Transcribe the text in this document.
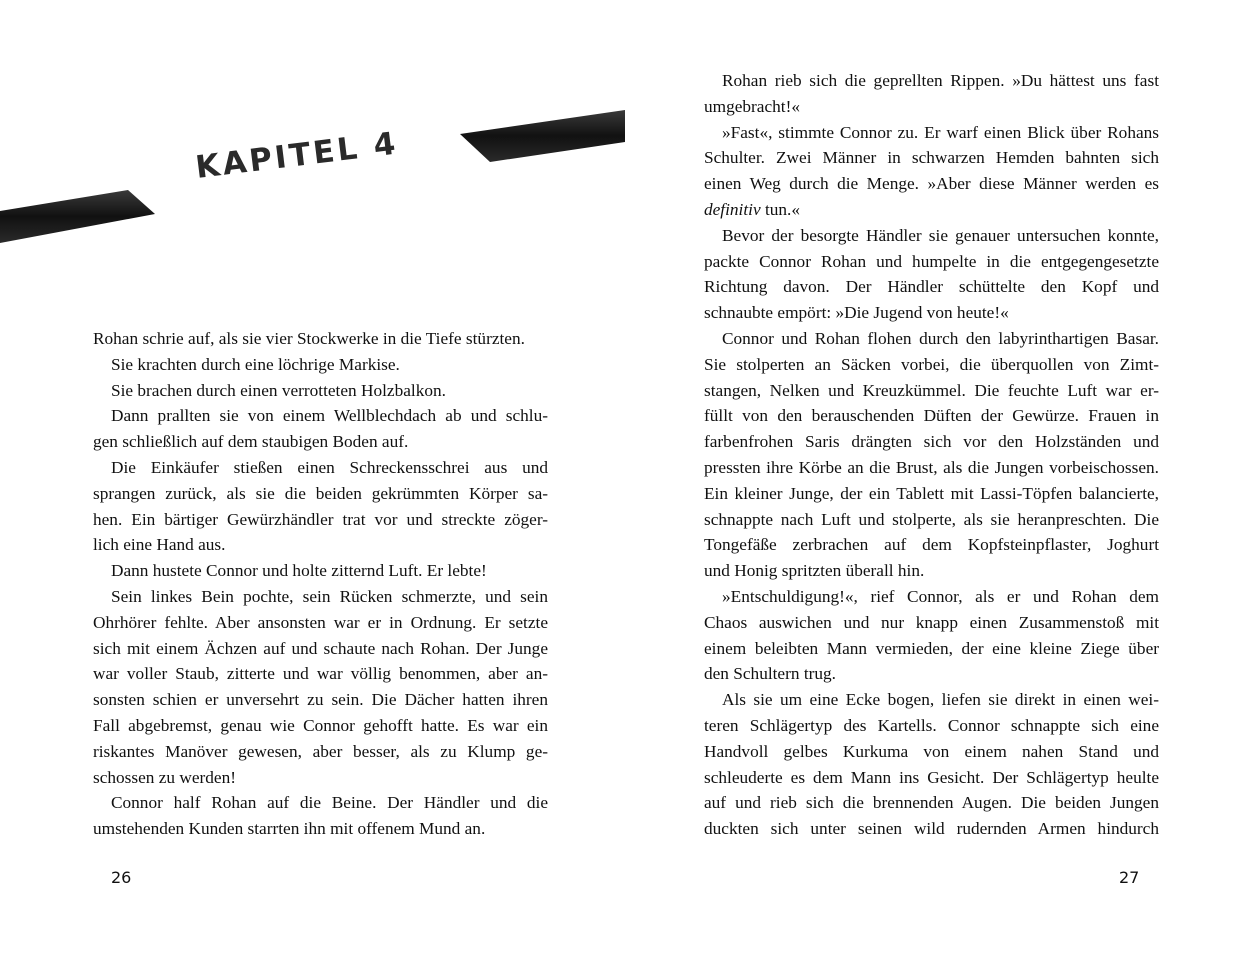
KAPITEL 4
Rohan schrie auf, als sie vier Stockwerke in die Tiefe stürzten.
Sie krachten durch eine löchrige Markise.
Sie brachen durch einen verrotteten Holzbalkon.
Dann prallten sie von einem Wellblechdach ab und schlu-
gen schließlich auf dem staubigen Boden auf.
Die Einkäufer stießen einen Schreckensschrei aus und
sprangen zurück, als sie die beiden gekrümmten Körper sa-
hen. Ein bärtiger Gewürzhändler trat vor und streckte zöger-
lich eine Hand aus.
Dann hustete Connor und holte zitternd Luft. Er lebte!
Sein linkes Bein pochte, sein Rücken schmerzte, und sein
Ohrhörer fehlte. Aber ansonsten war er in Ordnung. Er setzte
sich mit einem Ächzen auf und schaute nach Rohan. Der Junge
war voller Staub, zitterte und war völlig benommen, aber an-
sonsten schien er unversehrt zu sein. Die Dächer hatten ihren
Fall abgebremst, genau wie Connor gehofft hatte. Es war ein
riskantes Manöver gewesen, aber besser, als zu Klump ge-
schossen zu werden!
Connor half Rohan auf die Beine. Der Händler und die
umstehenden Kunden starrten ihn mit offenem Mund an.
26
Rohan rieb sich die geprellten Rippen. »Du hättest uns fast
umgebracht!«
»Fast«, stimmte Connor zu. Er warf einen Blick über Rohans
Schulter. Zwei Männer in schwarzen Hemden bahnten sich
einen Weg durch die Menge. »Aber diese Männer werden es
definitiv tun.«
Bevor der besorgte Händler sie genauer untersuchen konnte,
packte Connor Rohan und humpelte in die entgegengesetzte
Richtung davon. Der Händler schüttelte den Kopf und
schnaubte empört: »Die Jugend von heute!«
Connor und Rohan flohen durch den labyrinthartigen Basar.
Sie stolperten an Säcken vorbei, die überquollen von Zimt-
stangen, Nelken und Kreuzkümmel. Die feuchte Luft war er-
füllt von den berauschenden Düften der Gewürze. Frauen in
farbenfrohen Saris drängten sich vor den Holzständen und
pressten ihre Körbe an die Brust, als die Jungen vorbeischossen.
Ein kleiner Junge, der ein Tablett mit Lassi-Töpfen balancierte,
schnappte nach Luft und stolperte, als sie heranpreschten. Die
Tongefäße zerbrachen auf dem Kopfsteinpflaster, Joghurt
und Honig spritzten überall hin.
»Entschuldigung!«, rief Connor, als er und Rohan dem
Chaos auswichen und nur knapp einen Zusammenstoß mit
einem beleibten Mann vermieden, der eine kleine Ziege über
den Schultern trug.
Als sie um eine Ecke bogen, liefen sie direkt in einen wei-
teren Schlägertyp des Kartells. Connor schnappte sich eine
Handvoll gelbes Kurkuma von einem nahen Stand und
schleuderte es dem Mann ins Gesicht. Der Schlägertyp heulte
auf und rieb sich die brennenden Augen. Die beiden Jungen
duckten sich unter seinen wild rudernden Armen hindurch
27
